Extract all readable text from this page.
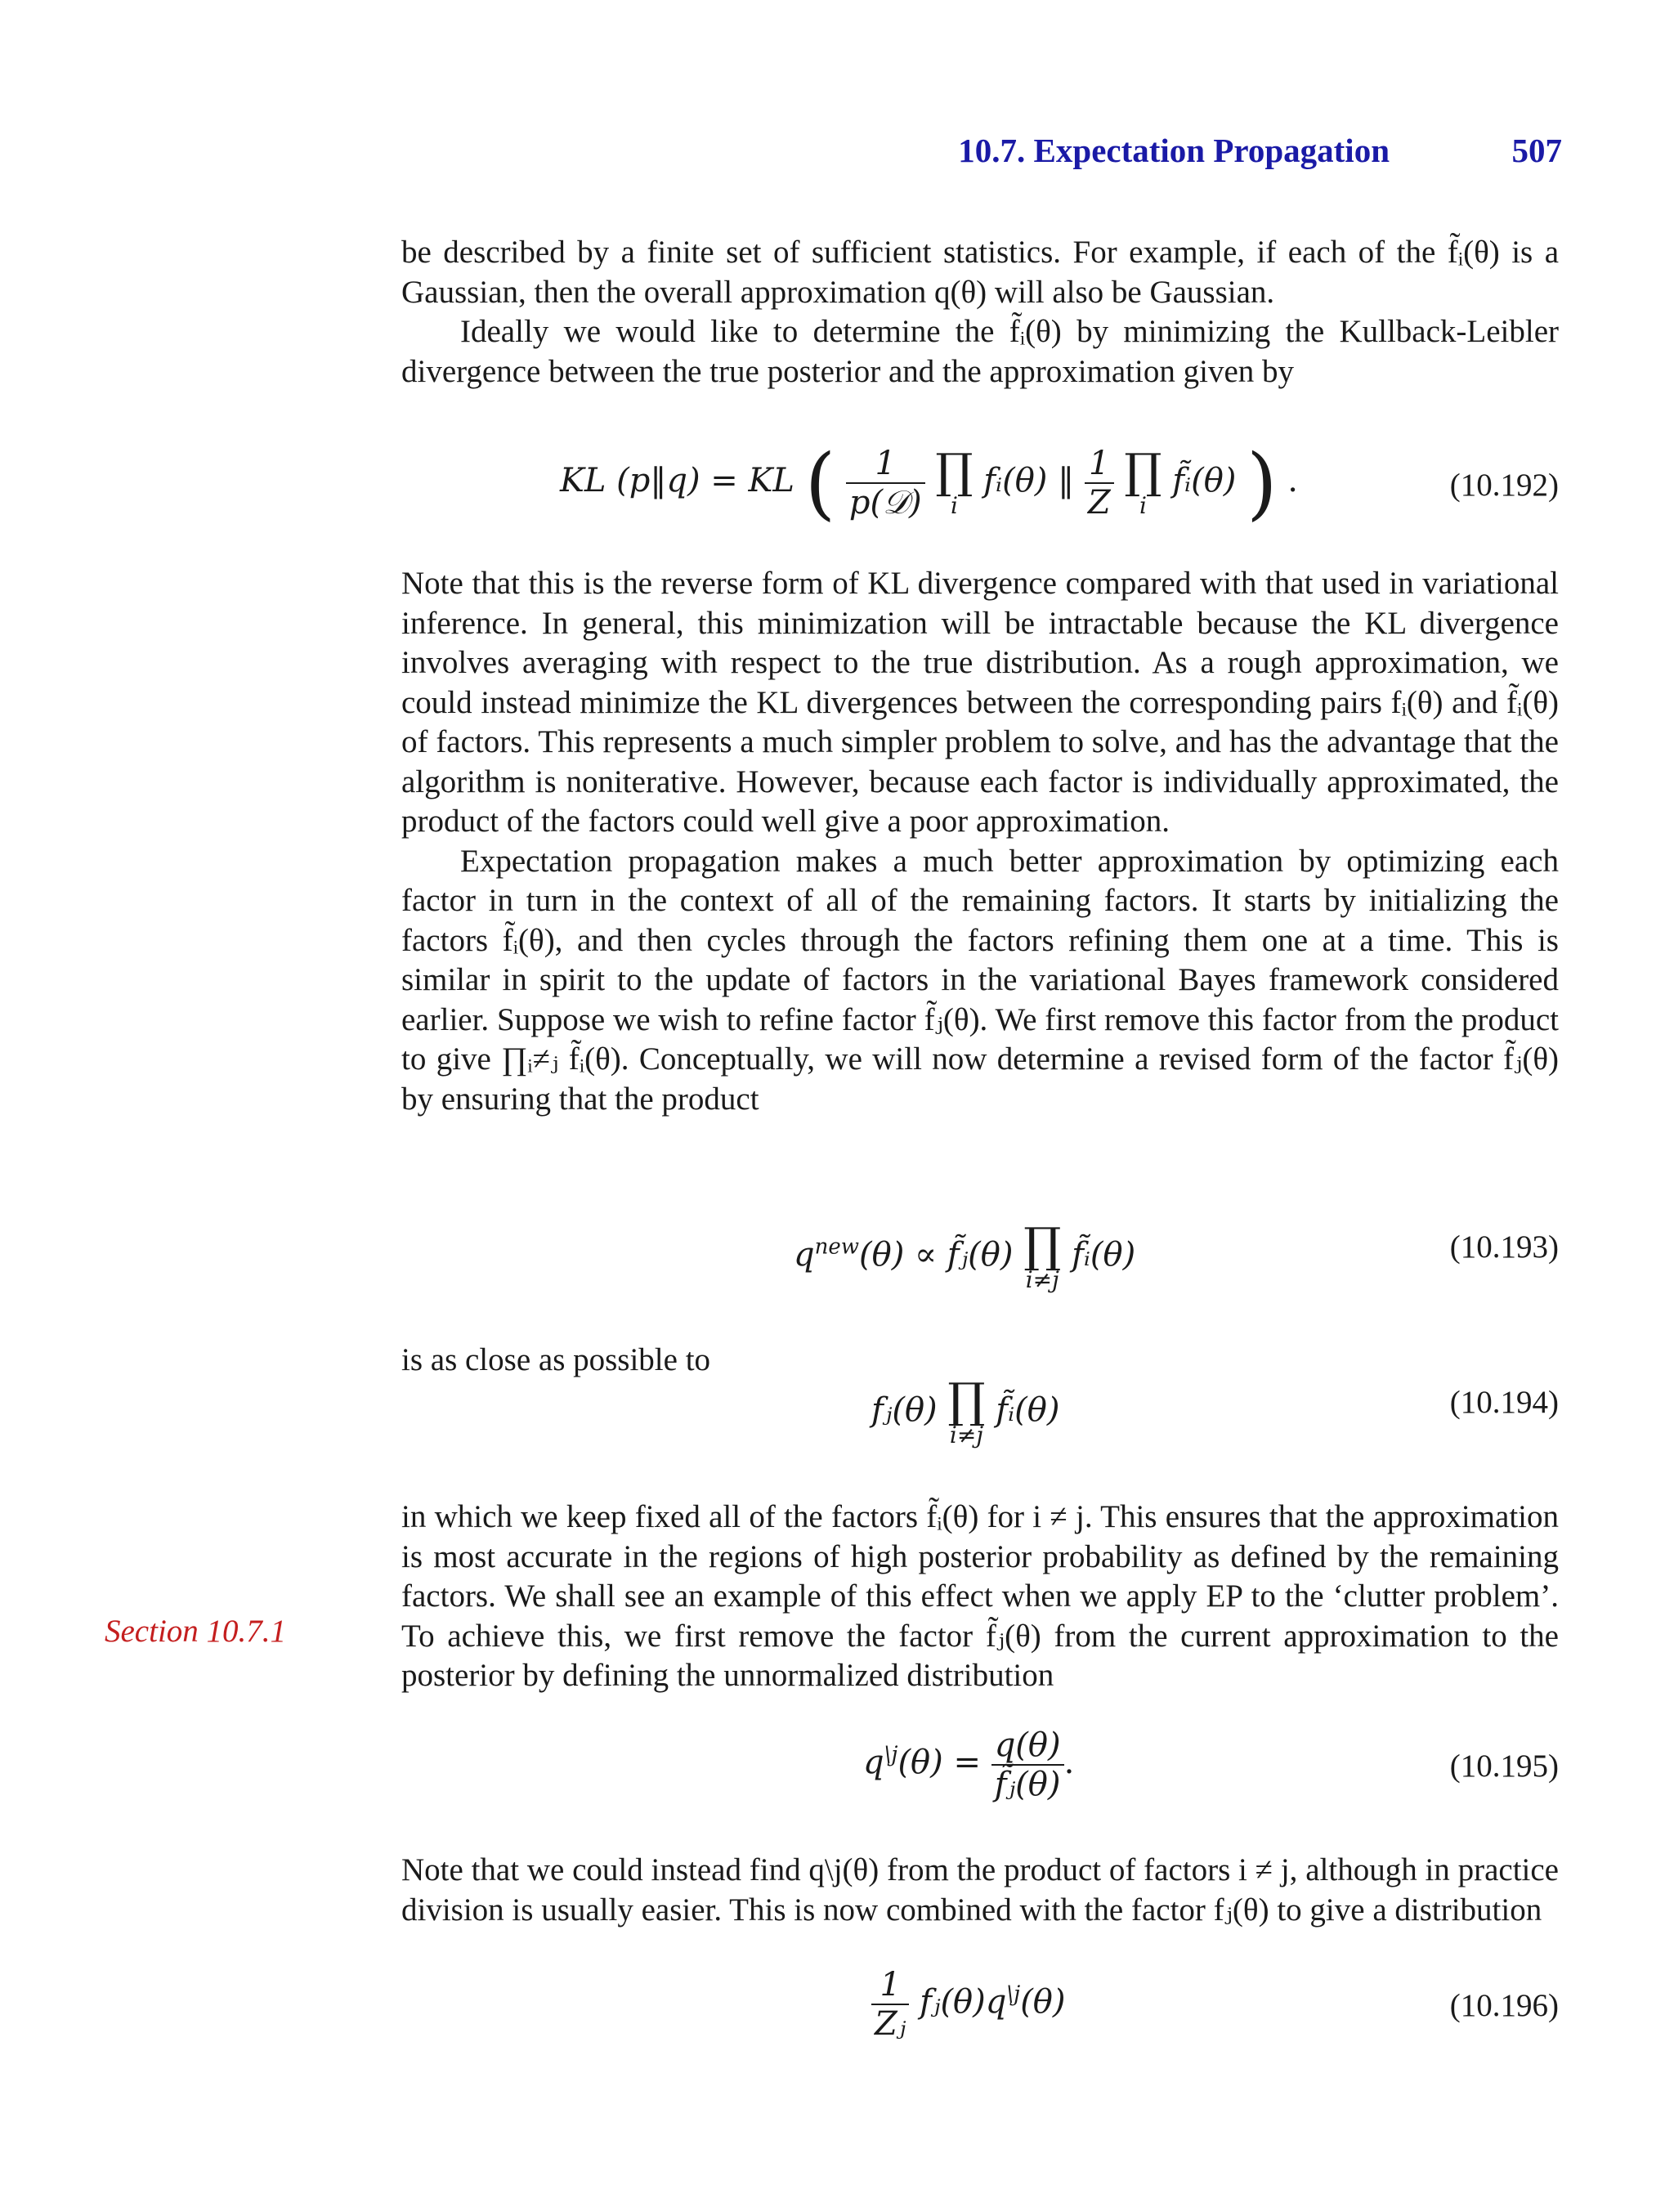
10.7. Expectation Propagation	507

be described by a finite set of sufficient statistics. For example, if each of the f̃ᵢ(θ) is a Gaussian, then the overall approximation q(θ) will also be Gaussian.

Ideally we would like to determine the f̃ᵢ(θ) by minimizing the Kullback-Leibler divergence between the true posterior and the approximation given by

KL (p‖q) = KL ( $\frac{1}{\text{p(𝒟)}}$
∏
i
fᵢ(θ) ‖ $\frac{1}{Z}$
∏
i
f̃ᵢ(θ) ) .	(10.192)

Note that this is the reverse form of KL divergence compared with that used in variational inference. In general, this minimization will be intractable because the KL divergence involves averaging with respect to the true distribution. As a rough approximation, we could instead minimize the KL divergences between the corresponding pairs fᵢ(θ) and f̃ᵢ(θ) of factors. This represents a much simpler problem to solve, and has the advantage that the algorithm is noniterative. However, because each factor is individually approximated, the product of the factors could well give a poor approximation.

Expectation propagation makes a much better approximation by optimizing each factor in turn in the context of all of the remaining factors. It starts by initializing the factors f̃ᵢ(θ), and then cycles through the factors refining them one at a time. This is similar in spirit to the update of factors in the variational Bayes framework considered earlier. Suppose we wish to refine factor f̃ⱼ(θ). We first remove this factor from the product to give ∏ᵢ≠ⱼ f̃ᵢ(θ). Conceptually, we will now determine a revised form of the factor f̃ⱼ(θ) by ensuring that the product

$q^{new}(\theta)$ ∝ f̃ⱼ(θ) ∏
i≠j
f̃ᵢ(θ)	(10.193)

is as close as possible to

fⱼ(θ) ∏
i≠j
f̃ᵢ(θ)	(10.194)

in which we keep fixed all of the factors f̃ᵢ(θ) for i ≠ j. This ensures that the approximation is most accurate in the regions of high posterior probability as defined by the remaining factors. We shall see an example of this effect when we apply EP to the ‘clutter problem’. To achieve this, we first remove the factor f̃ⱼ(θ) from the current approximation to the posterior by defining the unnormalized distribution

Section 10.7.1
$q^{\backslash j}(\theta) = \frac{q(\theta)}{\text{f̃ⱼ(θ)}}$ .	(10.195)

Note that we could instead find q\j(θ) from the product of factors i ≠ j, although in practice division is usually easier. This is now combined with the factor fⱼ(θ) to give a distribution

$\frac{1}{\text{Zⱼ}}$ $fⱼ(\theta)q^{\backslash j}(\theta)$	(10.196)
